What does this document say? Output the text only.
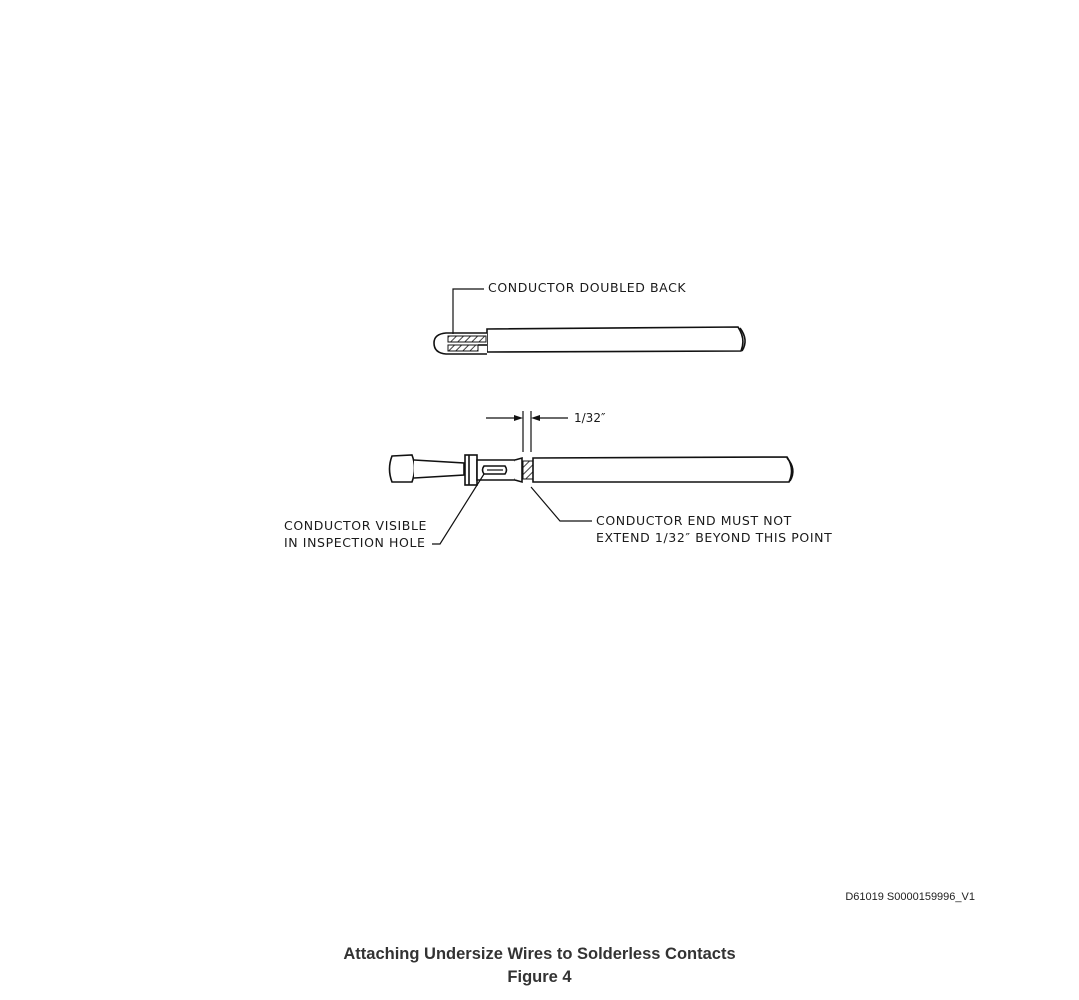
CONDUCTOR DOUBLED BACK
1/32″
CONDUCTOR VISIBLE
IN INSPECTION HOLE
CONDUCTOR END MUST NOT
EXTEND 1/32″ BEYOND THIS POINT
D61019 S0000159996_V1
Attaching Undersize Wires to Solderless Contacts
Figure 4
